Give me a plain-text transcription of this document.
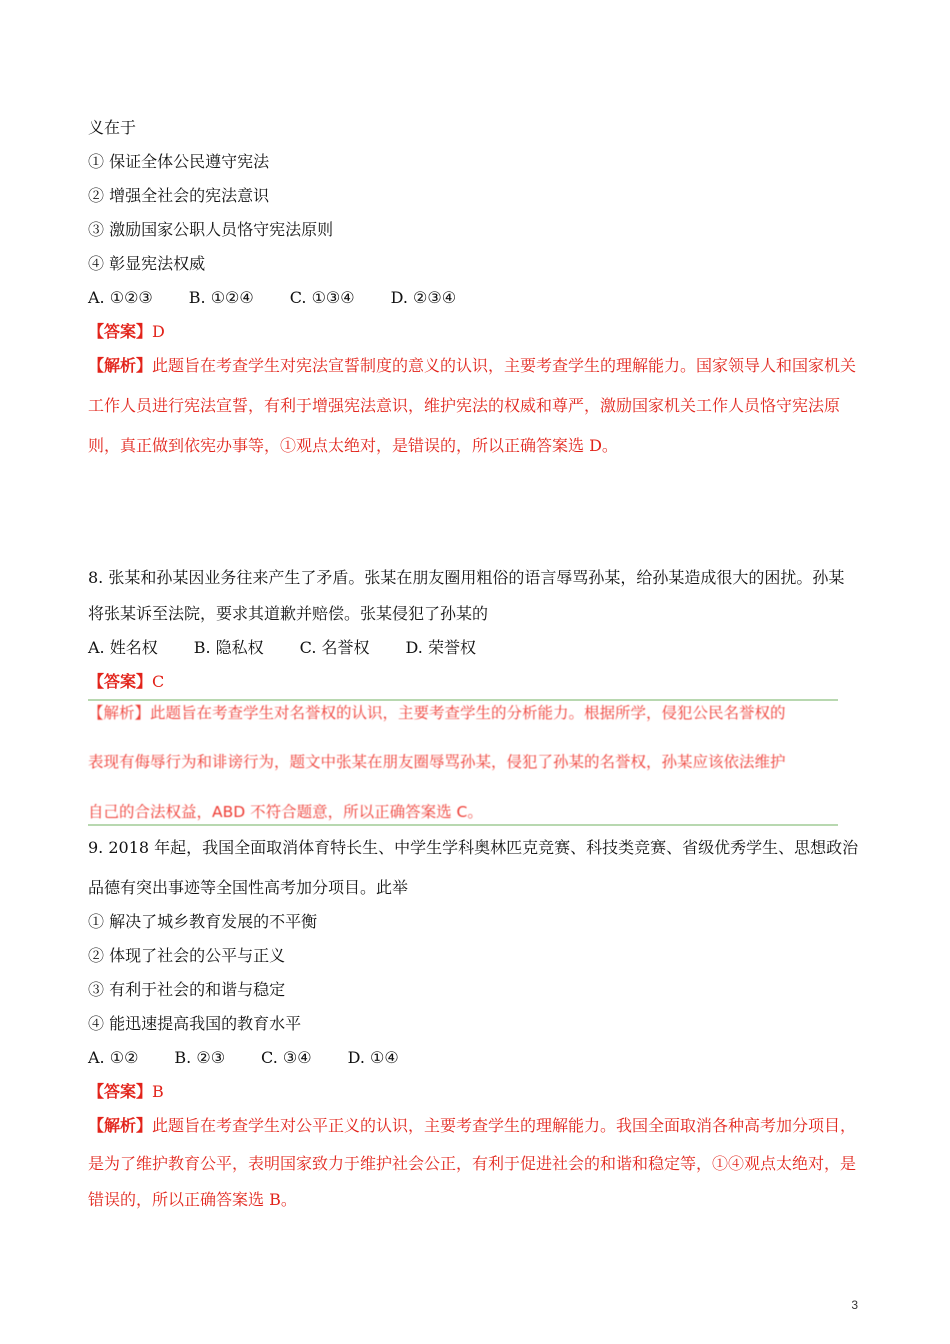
义在于
① 保证全体公民遵守宪法
② 增强全社会的宪法意识
③ 激励国家公职人员恪守宪法原则
④ 彰显宪法权威
A. ①②③ B. ①②④ C. ①③④ D. ②③④
【答案】D
【解析】此题旨在考查学生对宪法宣誓制度的意义的认识，主要考查学生的理解能力。国家领导人和国家机关
工作人员进行宪法宣誓，有利于增强宪法意识，维护宪法的权威和尊严，激励国家机关工作人员恪守宪法原
则，真正做到依宪办事等，①观点太绝对，是错误的，所以正确答案选 D。
8. 张某和孙某因业务往来产生了矛盾。张某在朋友圈用粗俗的语言辱骂孙某，给孙某造成很大的困扰。孙某
将张某诉至法院，要求其道歉并赔偿。张某侵犯了孙某的
A. 姓名权 B. 隐私权 C. 名誉权 D. 荣誉权
【答案】C
【解析】此题旨在考查学生对名誉权的认识，主要考查学生的分析能力。根据所学，侵犯公民名誉权的
表现有侮辱行为和诽谤行为，题文中张某在朋友圈辱骂孙某，侵犯了孙某的名誉权，孙某应该依法维护
自己的合法权益，ABD 不符合题意，所以正确答案选 C。
9. 2018 年起，我国全面取消体育特长生、中学生学科奥林匹克竞赛、科技类竞赛、省级优秀学生、思想政治
品德有突出事迹等全国性高考加分项目。此举
① 解决了城乡教育发展的不平衡
② 体现了社会的公平与正义
③ 有利于社会的和谐与稳定
④ 能迅速提高我国的教育水平
A. ①② B. ②③ C. ③④ D. ①④
【答案】B
【解析】此题旨在考查学生对公平正义的认识，主要考查学生的理解能力。我国全面取消各种高考加分项目，
是为了维护教育公平，表明国家致力于维护社会公正，有利于促进社会的和谐和稳定等，①④观点太绝对，是
错误的，所以正确答案选 B。
3
